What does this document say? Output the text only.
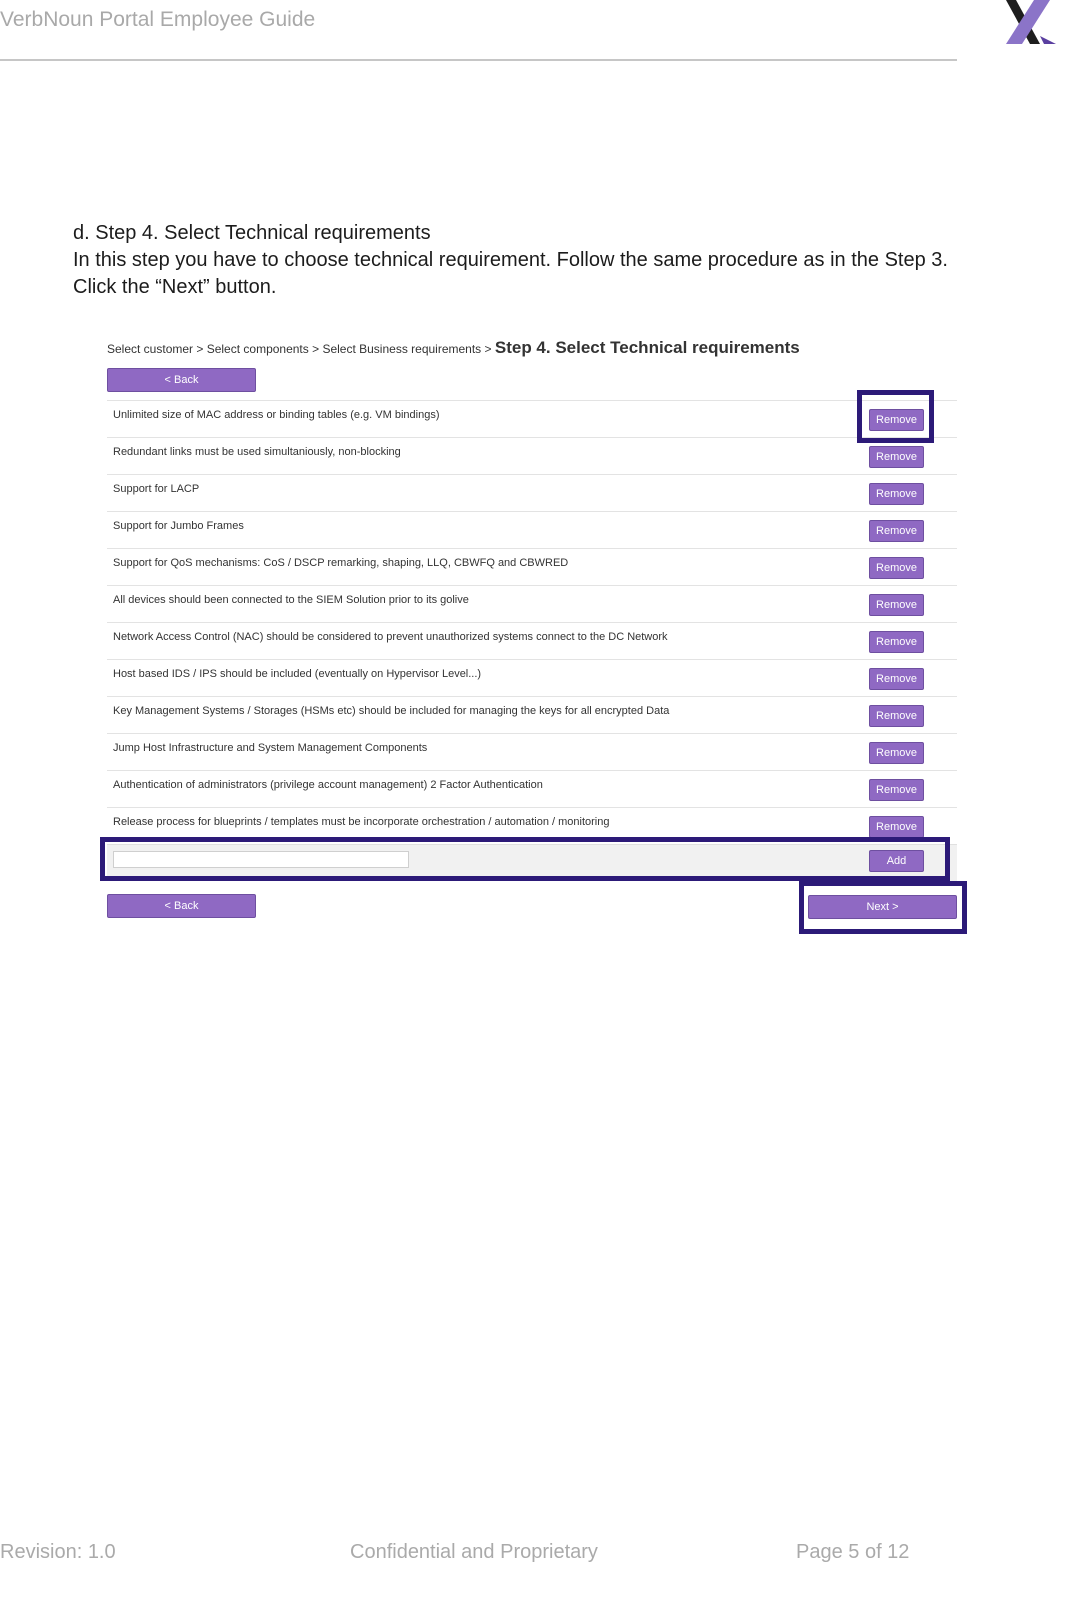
VerbNoun Portal Employee Guide
d. Step 4. Select Technical requirements
In this step you have to choose technical requirement. Follow the same procedure as in the Step 3.
Click the “Next” button.
Select customer > Select components > Select Business requirements > Step 4. Select Technical requirements
< Back
Unlimited size of MAC address or binding tables (e.g. VM bindings)	Remove
Redundant links must be used simultaniously, non-blocking	Remove
Support for LACP	Remove
Support for Jumbo Frames	Remove
Support for QoS mechanisms: CoS / DSCP remarking, shaping, LLQ, CBWFQ and CBWRED	Remove
All devices should been connected to the SIEM Solution prior to its golive	Remove
Network Access Control (NAC) should be considered to prevent unauthorized systems connect to the DC Network	Remove
Host based IDS / IPS should be included (eventually on Hypervisor Level...)	Remove
Key Management Systems / Storages (HSMs etc) should be included for managing the keys for all encrypted Data	Remove
Jump Host Infrastructure and System Management Components	Remove
Authentication of administrators (privilege account management) 2 Factor Authentication	Remove
Release process for blueprints / templates must be incorporate orchestration / automation / monitoring	Remove
Add
< Back	Next >
Revision: 1.0	Confidential and Proprietary	Page 5 of 12
